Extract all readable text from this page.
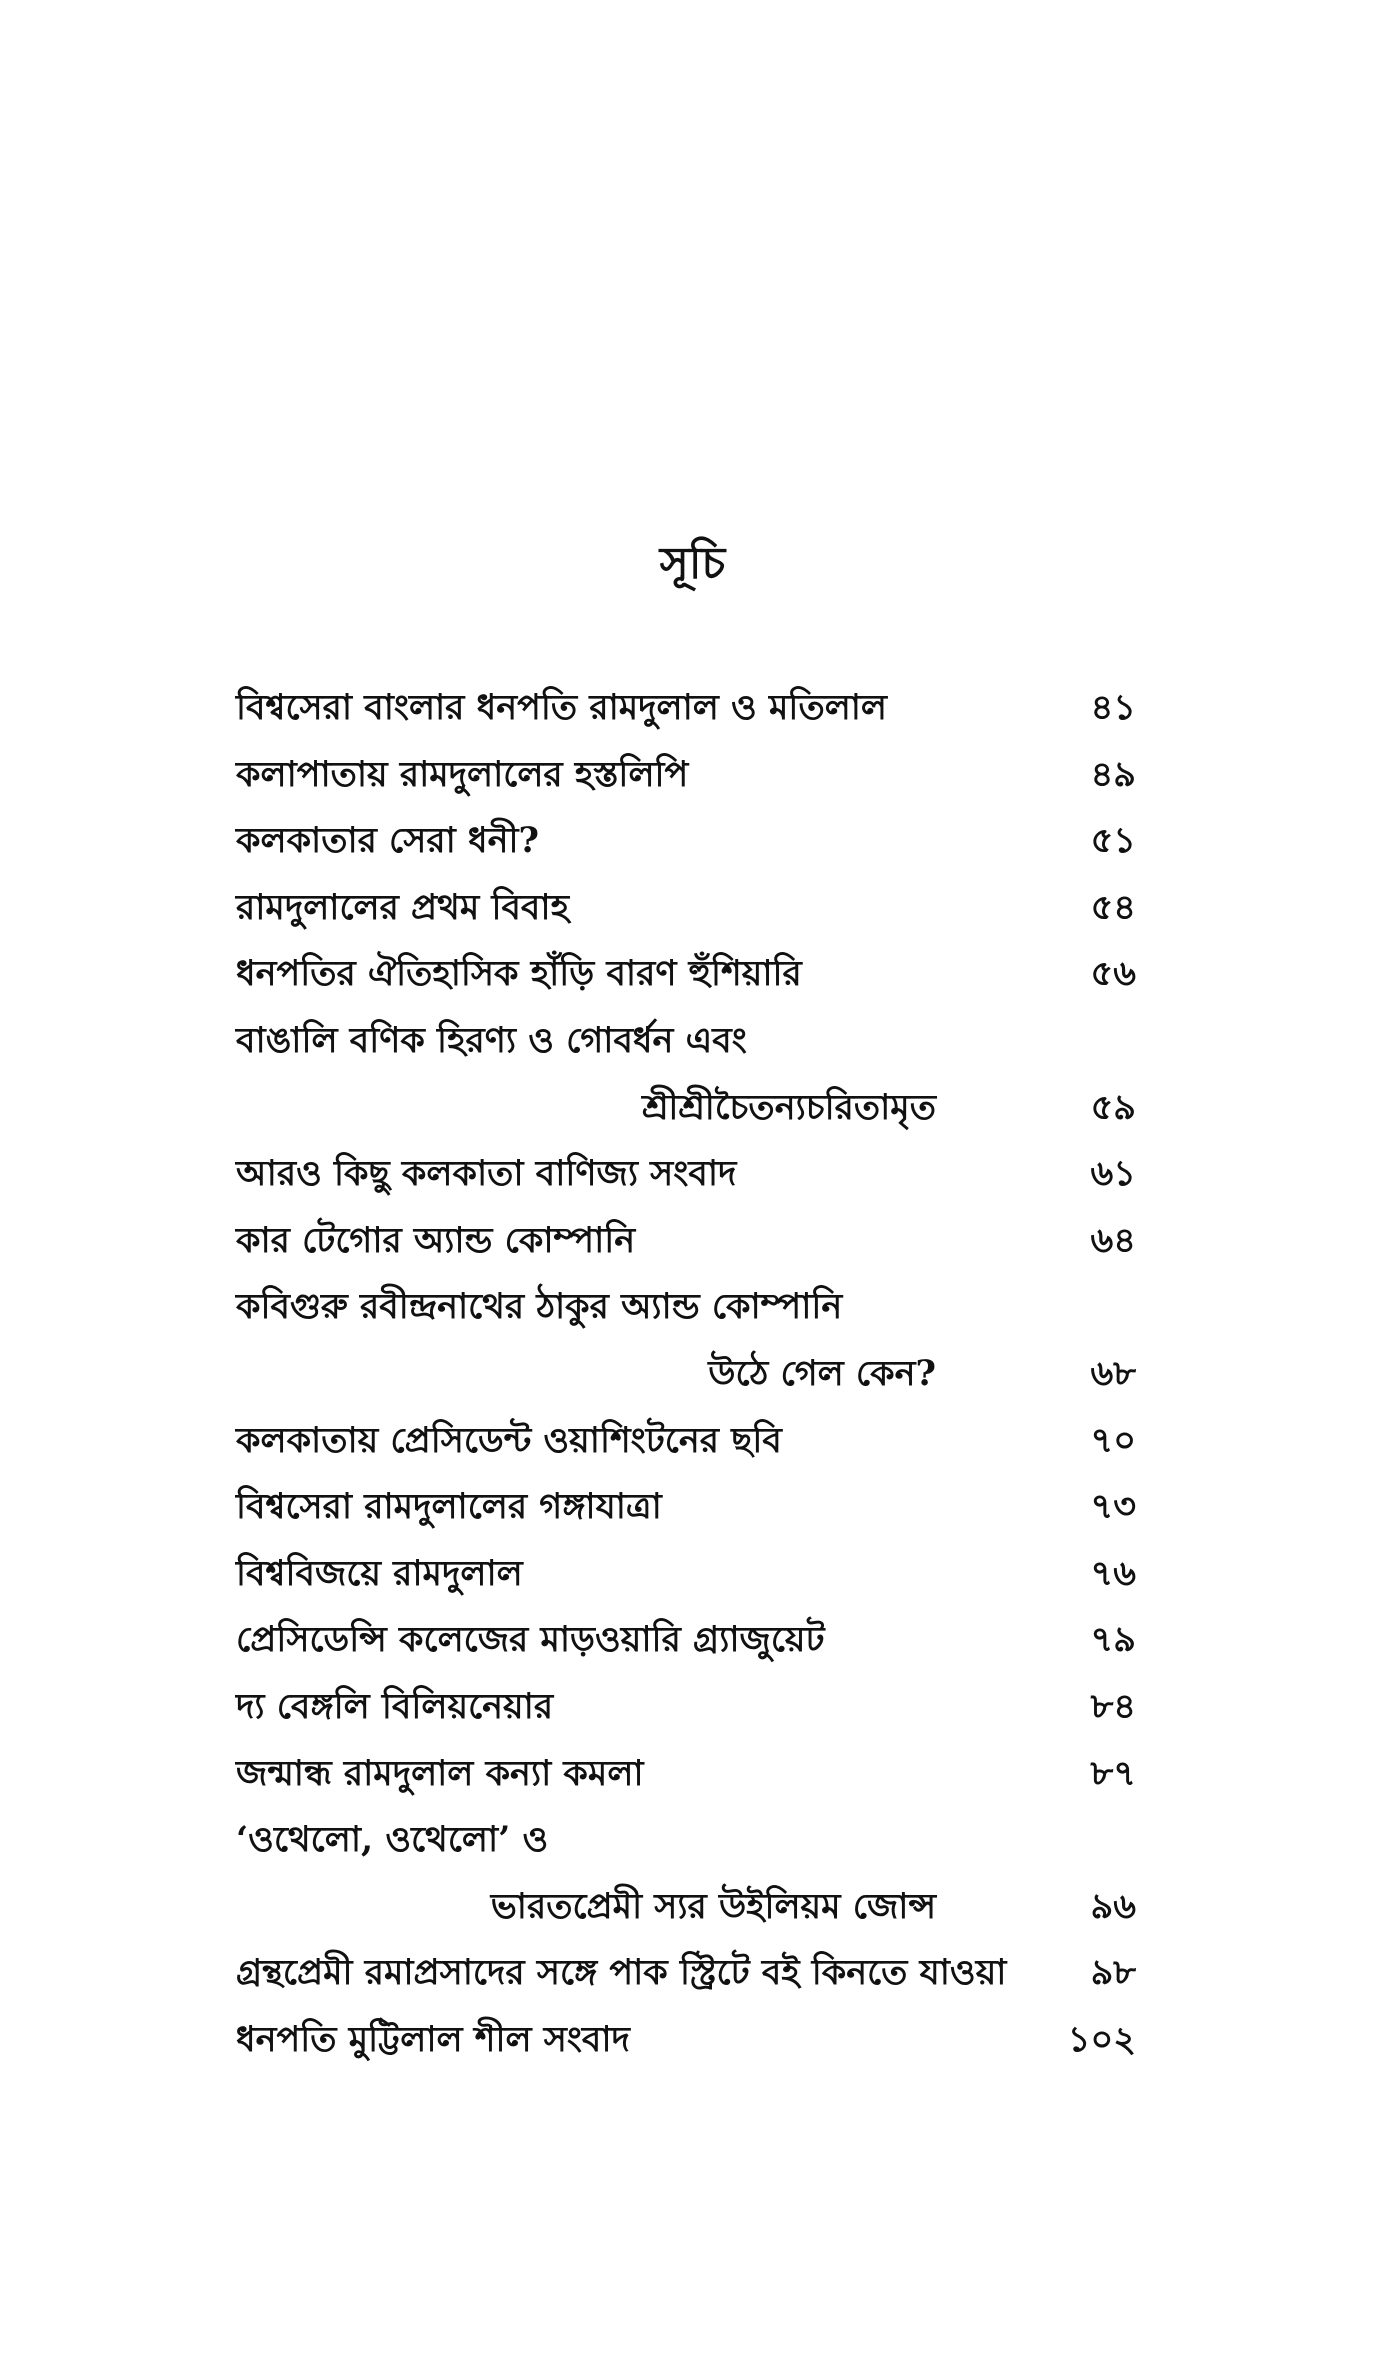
সূচি
বিশ্বসেরা বাংলার ধনপতি রামদুলাল ও মতিলাল	৪১
কলাপাতায় রামদুলালের হস্তলিপি	৪৯
কলকাতার সেরা ধনী?	৫১
রামদুলালের প্রথম বিবাহ	৫৪
ধনপতির ঐতিহাসিক হাঁড়ি বারণ হুঁশিয়ারি	৫৬
বাঙালি বণিক হিরণ্য ও গোবর্ধন এবং
শ্রীশ্রীচৈতন্যচরিতামৃত	৫৯
আরও কিছু কলকাতা বাণিজ্য সংবাদ	৬১
কার টেগোর অ্যান্ড কোম্পানি	৬৪
কবিগুরু রবীন্দ্রনাথের ঠাকুর অ্যান্ড কোম্পানি
উঠে গেল কেন?	৬৮
কলকাতায় প্রেসিডেন্ট ওয়াশিংটনের ছবি	৭০
বিশ্বসেরা রামদুলালের গঙ্গাযাত্রা	৭৩
বিশ্ববিজয়ে রামদুলাল	৭৬
প্রেসিডেন্সি কলেজের মাড়ওয়ারি গ্র্যাজুয়েট	৭৯
দ্য বেঙ্গলি বিলিয়নেয়ার	৮৪
জন্মান্ধ রামদুলাল কন্যা কমলা	৮৭
‘ওথেলো, ওথেলো’ ও
ভারতপ্রেমী স্যর উইলিয়ম জোন্স	৯৬
গ্রন্থপ্রেমী রমাপ্রসাদের সঙ্গে পাক স্ট্রিটে বই কিনতে যাওয়া ৯৮
ধনপতি মুট্টিলাল শীল সংবাদ	১০২
